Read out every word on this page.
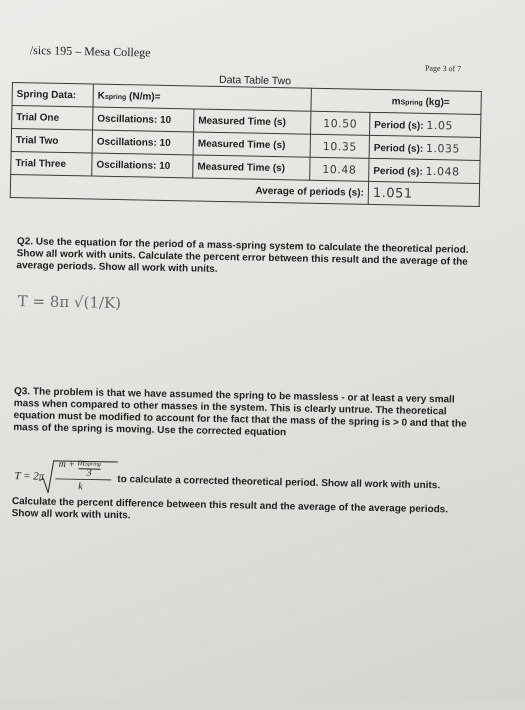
/sics 195 – Mesa College
Page 3 of 7
Data Table Two
Spring Data:	Kspring (N/m)=		mSpring (kg)=	
Trial One	Oscillations: 10	Measured Time (s)	10.50	Period (s): 1.05
Trial Two	Oscillations: 10	Measured Time (s)	10.35	Period (s): 1.035
Trial Three	Oscillations: 10	Measured Time (s)	10.48	Period (s): 1.048
Average of periods (s):				1.051
Q2. Use the equation for the period of a mass-spring system to calculate the theoretical period. Show all work with units. Calculate the percent error between this result and the average of the average periods. Show all work with units.
T = 8π √(1/K)
Q3. The problem is that we have assumed the spring to be massless - or at least a very small mass when compared to other masses in the system. This is clearly untrue. The theoretical equation must be modified to account for the fact that the mass of the spring is > 0 and that the mass of the spring is moving. Use the corrected equation
T = 2π
m + mSpring
3
k	to calculate a corrected theoretical period. Show all work with units.
Calculate the percent difference between this result and the average of the average periods. Show all work with units.
